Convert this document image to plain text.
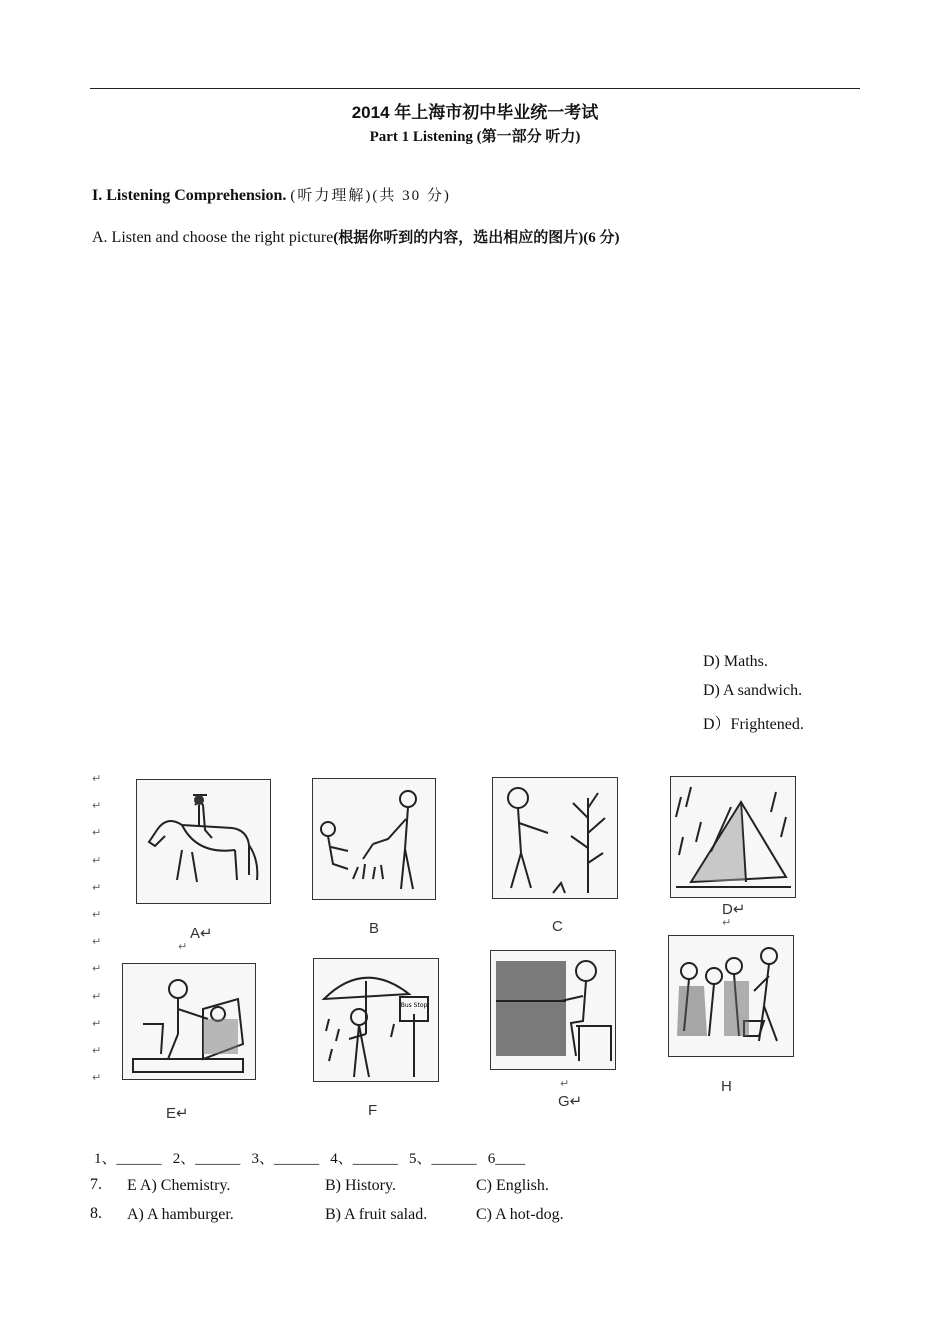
2014 年上海市初中毕业统一考试
Part 1 Listening (第一部分 听力)
I. Listening Comprehension. (听力理解)(共 30 分)
A. Listen and choose the right picture(根据你听到的内容，选出相应的图片)(6 分)
D) Maths.
D) A sandwich.
D）Frightened.
↵
↵
↵
↵
↵
↵
↵
↵
↵
↵
↵
↵
A↵
↵
B	C
D↵
↵
E↵
Bus Stop
F
↵
G↵
H
1、______   2、______   3、______   4、______   5、______   6____
7. E A) Chemistry.	B) History.	C) English.
8. A) A hamburger.	B) A fruit salad.	C) A hot-dog.
